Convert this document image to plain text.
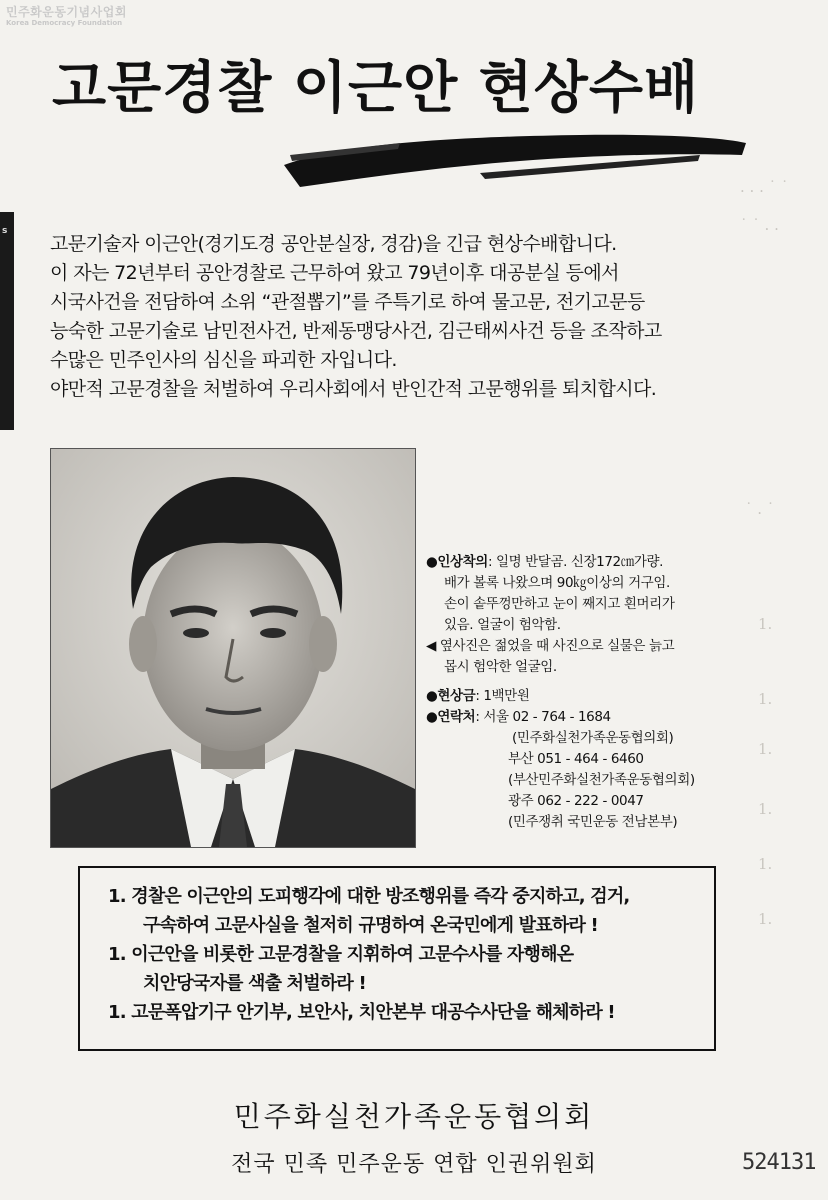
. . . ˙ ˙
˙ ˙ . .
˙ . ˙
1.
1.
1.
1.
1.
1.
민주화운동기념사업회
Korea Democracy Foundation
고문경찰 이근안 현상수배
s

고문기술자 이근안(경기도경 공안분실장, 경감)을 긴급 현상수배합니다.

이 자는 72년부터 공안경찰로 근무하여 왔고 79년이후 대공분실 등에서

시국사건을 전담하여 소위 “관절뽑기”를 주특기로 하여 물고문, 전기고문등

능숙한 고문기술로 남민전사건, 반제동맹당사건, 김근태씨사건 등을 조작하고

수많은 민주인사의 심신을 파괴한 자입니다.

야만적 고문경찰을 처벌하여 우리사회에서 반인간적 고문행위를 퇴치합시다.

●인상착의: 일명 반달곰. 신장172㎝가량.
배가 볼록 나왔으며 90㎏이상의 거구임.
손이 솥뚜껑만하고 눈이 째지고 흰머리가
있음. 얼굴이 험악함.
◀ 옆사진은 젊었을 때 사진으로 실물은 늙고
몹시 험악한 얼굴임.
●현상금: 1백만원
●연락처: 서울 02 - 764 - 1684
(민주화실천가족운동협의회)
부산 051 - 464 - 6460
(부산민주화실천가족운동협의회)
광주 062 - 222 - 0047
(민주쟁취 국민운동 전남본부)
1. 경찰은 이근안의 도피행각에 대한 방조행위를 즉각 중지하고, 검거,
구속하여 고문사실을 철저히 규명하여 온국민에게 발표하라 !
1. 이근안을 비롯한 고문경찰을 지휘하여 고문수사를 자행해온
치안당국자를 색출 처벌하라 !
1. 고문폭압기구 안기부, 보안사, 치안본부 대공수사단을 해체하라 !
민주화실천가족운동협의회
전국 민족 민주운동 연합 인권위원회	524131
